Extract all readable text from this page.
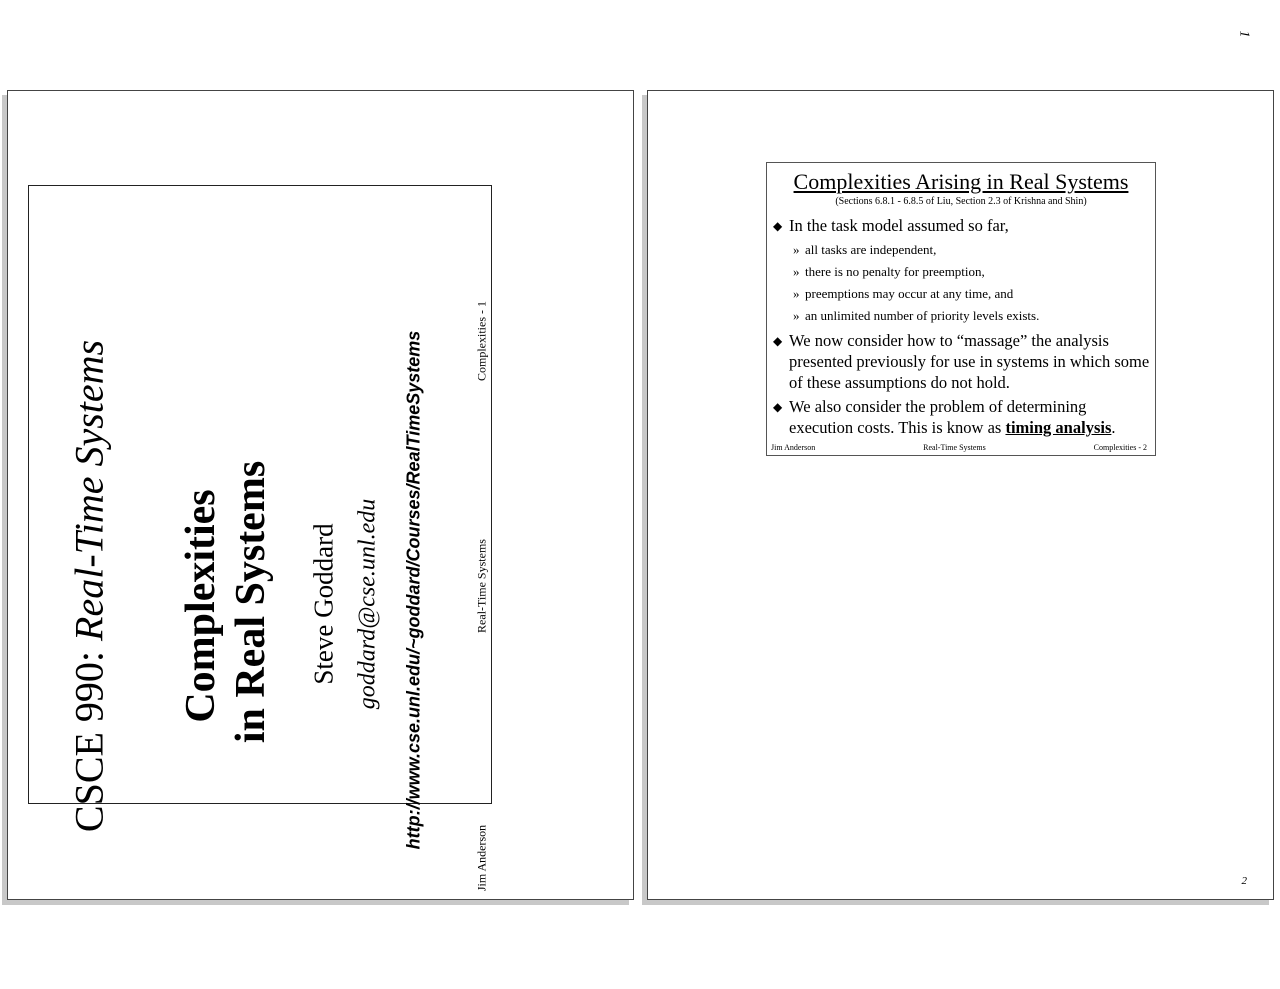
1
CSCE 990: Real-Time Systems Complexities in Real Systems Steve Goddard goddard@cse.unl.edu http://www.cse.unl.edu/~goddard/Courses/RealTimeSystems
Jim Anderson
Real-Time Systems
Complexities - 1
Complexities Arising in Real Systems
(Sections 6.8.1 - 6.8.5 of Liu, Section 2.3 of Krishna and Shin)
◆ In the task model assumed so far,
» all tasks are independent,
» there is no penalty for preemption,
» preemptions may occur at any time, and
» an unlimited number of priority levels exists.
◆ We now consider how to “massage” the analysis presented previously for use in systems in which some of these assumptions do not hold.
◆ We also consider the problem of determining execution costs. This is know as timing analysis.
Jim Anderson	Real-Time Systems	Complexities - 2
2
